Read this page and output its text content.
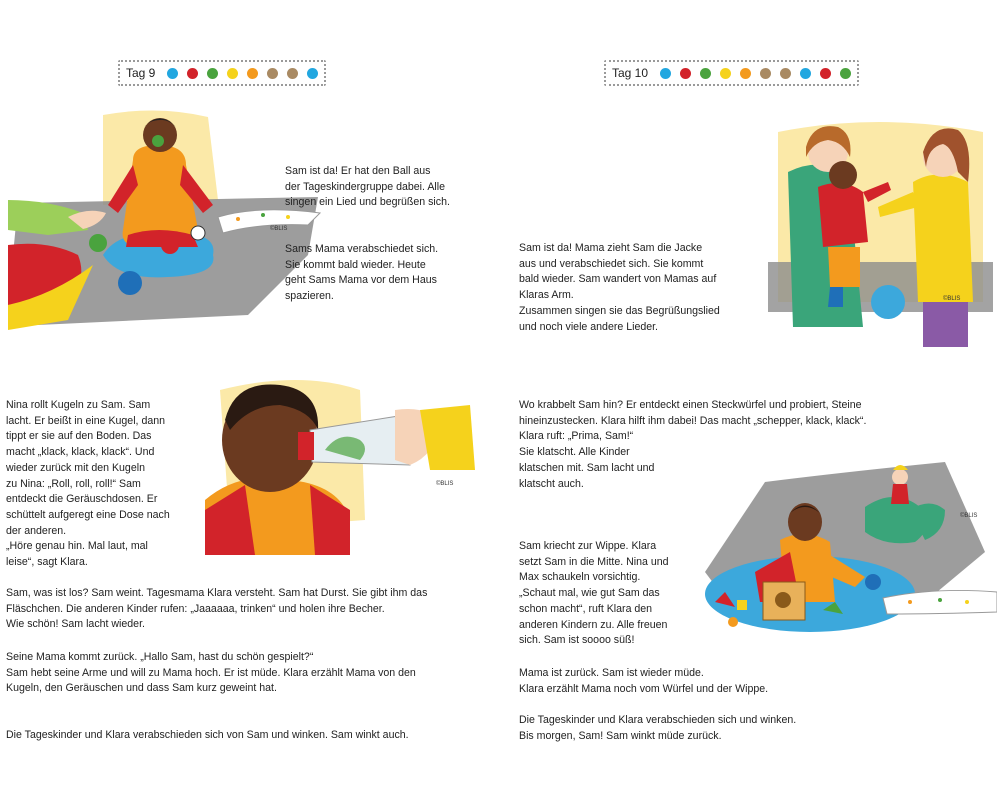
Tag 9
©BLIS

Sam ist da! Er hat den Ball aus
der Tageskindergruppe dabei. Alle
singen ein Lied und begrüßen sich.

Sams Mama verabschiedet sich.
Sie kommt bald wieder. Heute
geht Sams Mama vor dem Haus
spazieren.

©BLIS

Nina rollt Kugeln zu Sam. Sam
lacht. Er beißt in eine Kugel, dann
tippt er sie auf den Boden. Das
macht „klack, klack, klack“. Und
wieder zurück mit den Kugeln
zu Nina: „Roll, roll, roll!“ Sam
entdeckt die Geräuschdosen. Er
schüttelt aufgeregt eine Dose nach
der anderen.
„Höre genau hin. Mal laut, mal
leise“, sagt Klara.

Sam, was ist los? Sam weint. Tagesmama Klara versteht. Sam hat Durst. Sie gibt ihm das
Fläschchen. Die anderen Kinder rufen: „Jaaaaaa, trinken“ und holen ihre Becher.
Wie schön! Sam lacht wieder.

Seine Mama kommt zurück. „Hallo Sam, hast du schön gespielt?“
Sam hebt seine Arme und will zu Mama hoch. Er ist müde. Klara erzählt Mama von den
Kugeln, den Geräuschen und dass Sam kurz geweint hat.

Die Tageskinder und Klara verabschieden sich von Sam und winken. Sam winkt auch.

Tag 10
©BLIS

Sam ist da! Mama zieht Sam die Jacke
aus und verabschiedet sich. Sie kommt
bald wieder. Sam wandert von Mamas auf
Klaras Arm.
Zusammen singen sie das Begrüßungslied
und noch viele andere Lieder.

Wo krabbelt Sam hin? Er entdeckt einen Steckwürfel und probiert, Steine
hineinzustecken. Klara hilft ihm dabei! Das macht „schepper, klack, klack“.
Klara ruft: „Prima, Sam!“
Sie klatscht. Alle Kinder
klatschen mit. Sam lacht und
klatscht auch.

©BLIS

Sam kriecht zur Wippe. Klara
setzt Sam in die Mitte. Nina und
Max schaukeln vorsichtig.
„Schaut mal, wie gut Sam das
schon macht“, ruft Klara den
anderen Kindern zu. Alle freuen
sich. Sam ist soooo süß!

Mama ist zurück. Sam ist wieder müde.
Klara erzählt Mama noch vom Würfel und der Wippe.

Die Tageskinder und Klara verabschieden sich und winken.
Bis morgen, Sam! Sam winkt müde zurück.
